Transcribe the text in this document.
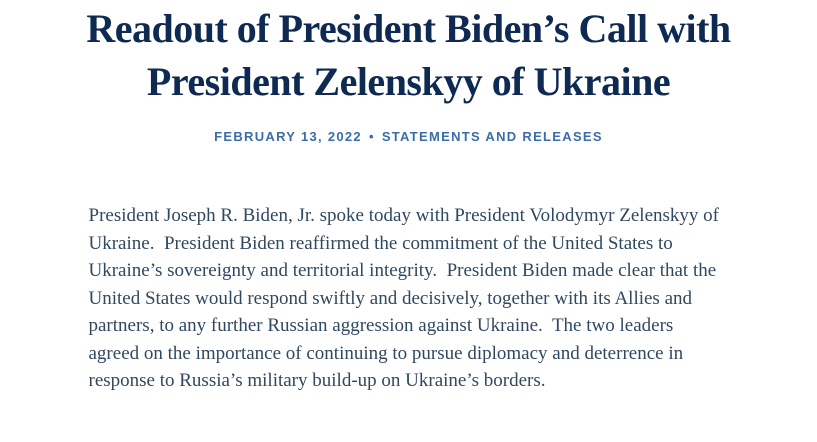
Readout of President Biden’s Call with President Zelenskyy of Ukraine
FEBRUARY 13, 2022 • STATEMENTS AND RELEASES

President Joseph R. Biden, Jr. spoke today with President Volodymyr Zelenskyy of Ukraine.  President Biden reaffirmed the commitment of the United States to Ukraine’s sovereignty and territorial integrity.  President Biden made clear that the United States would respond swiftly and decisively, together with its Allies and partners, to any further Russian aggression against Ukraine.  The two leaders agreed on the importance of continuing to pursue diplomacy and deterrence in response to Russia’s military build-up on Ukraine’s borders.
